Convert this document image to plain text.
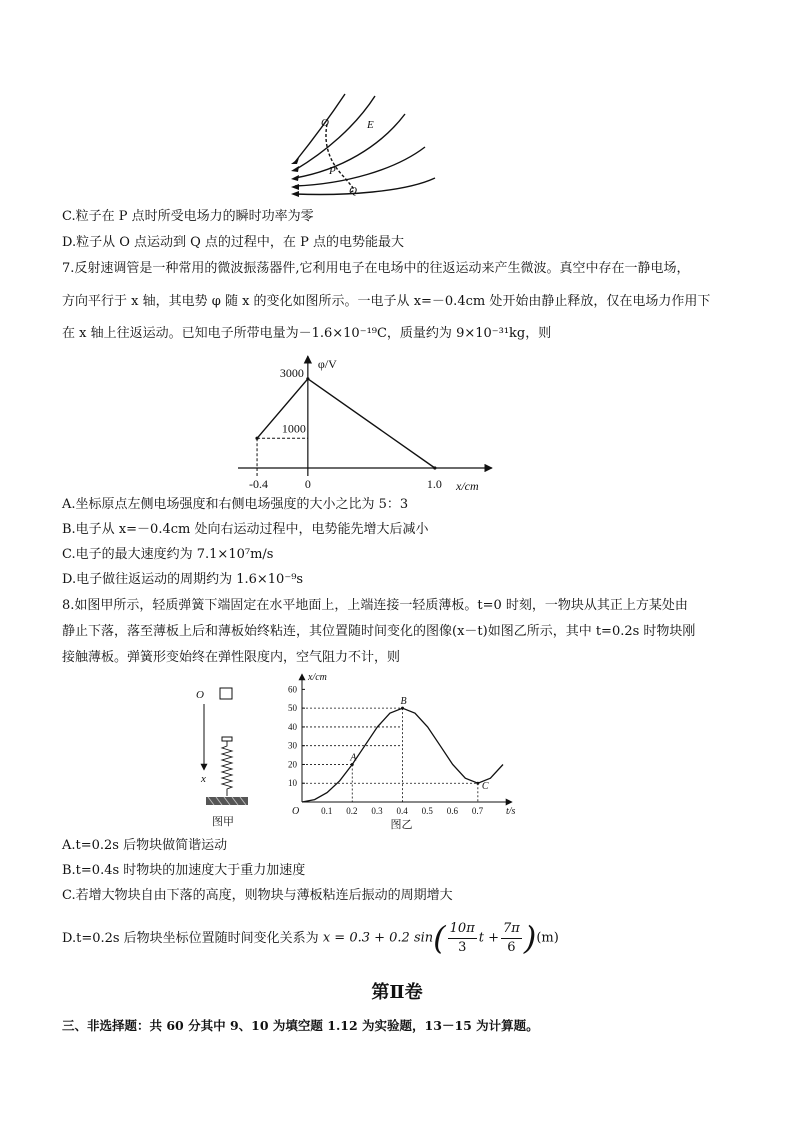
O	E
P
Q
C.粒子在 P 点时所受电场力的瞬时功率为零
D.粒子从 O 点运动到 Q 点的过程中，在 P 点的电势能最大
7.反射速调管是一种常用的微波振荡器件,它利用电子在电场中的往返运动来产生微波。真空中存在一静电场，
方向平行于 x 轴，其电势 φ 随 x 的变化如图所示。一电子从 x=－0.4cm 处开始由静止释放，仅在电场力作用下
在 x 轴上往返运动。已知电子所带电量为－1.6×10⁻¹⁹C，质量约为 9×10⁻³¹kg，则
φ/V
x/cm
3000
1000
-0.4	0	1.0
A.坐标原点左侧电场强度和右侧电场强度的大小之比为 5：3
B.电子从 x=－0.4cm 处向右运动过程中，电势能先增大后减小
C.电子的最大速度约为 7.1×10⁷m/s
D.电子做往返运动的周期约为 1.6×10⁻⁹s
8.如图甲所示，轻质弹簧下端固定在水平地面上，上端连接一轻质薄板。t=0 时刻，一物块从其正上方某处由
静止下落，落至薄板上后和薄板始终粘连，其位置随时间变化的图像(x－t)如图乙所示，其中 t=0.2s 时物块刚
接触薄板。弹簧形变始终在弹性限度内，空气阻力不计，则
O
x
图甲
x/cm
t/s
O
图乙
0.1 0.2 0.3 0.4 0.5 0.6 0.7
10
20
30
40
50
60
A
B
C
A.t=0.2s 后物块做简谐运动
B.t=0.4s 时物块的加速度大于重力加速度
C.若增大物块自由下落的高度，则物块与薄板粘连后振动的周期增大
D.t=0.2s 后物块坐标位置随时间变化关系为 x = 0.3 + 0.2 $\sin( \frac{10\pi}{3}$ $t + \frac{7\pi}{6} )(m)$
第Ⅱ卷
三、非选择题：共 60 分其中 9、10 为填空题 1.12 为实验题，13－15 为计算题。
